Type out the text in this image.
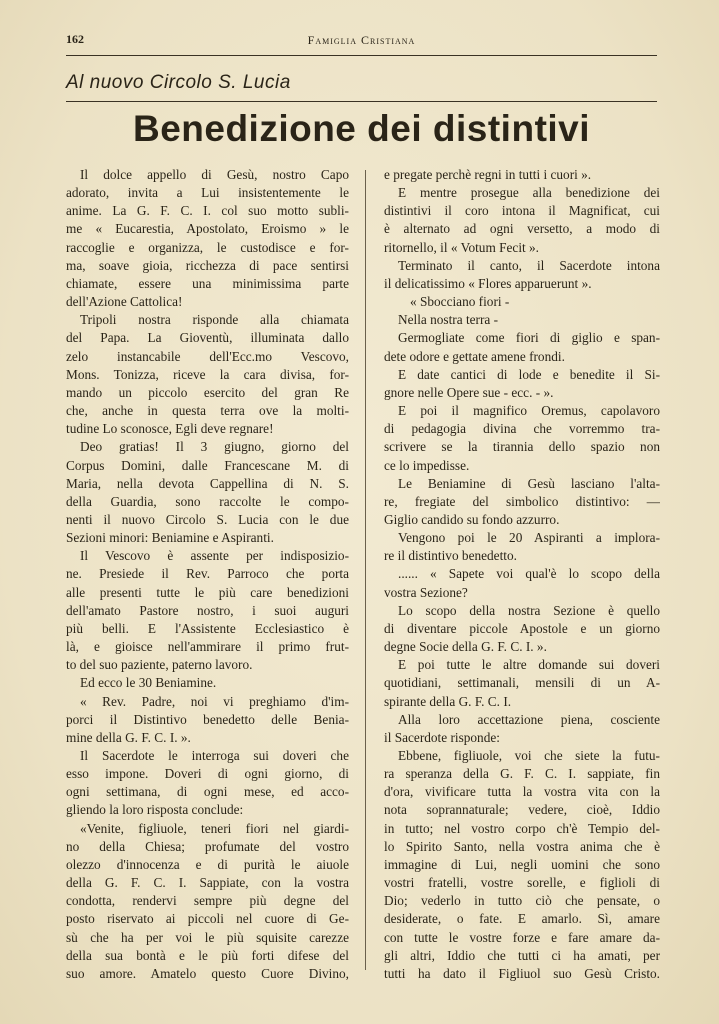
162	Famiglia Cristiana
Al nuovo Circolo S. Lucia
Benedizione dei distintivi
Il dolce appello di Gesù, nostro Capo
adorato, invita a Lui insistentemente le
anime. La G. F. C. I. col suo motto subli-
me « Eucarestia, Apostolato, Eroismo » le
raccoglie e organizza, le custodisce e for-
ma, soave gioia, ricchezza di pace sentirsi
chiamate, essere una minimissima parte
dell'Azione Cattolica!
Tripoli nostra risponde alla chiamata
del Papa. La Gioventù, illuminata dallo
zelo instancabile dell'Ecc.mo Vescovo,
Mons. Tonizza, riceve la cara divisa, for-
mando un piccolo esercito del gran Re
che, anche in questa terra ove la molti-
tudine Lo sconosce, Egli deve regnare!
Deo gratias! Il 3 giugno, giorno del
Corpus Domini, dalle Francescane M. di
Maria, nella devota Cappellina di N. S.
della Guardia, sono raccolte le compo-
nenti il nuovo Circolo S. Lucia con le due
Sezioni minori: Beniamine e Aspiranti.
Il Vescovo è assente per indisposizio-
ne. Presiede il Rev. Parroco che porta
alle presenti tutte le più care benedizioni
dell'amato Pastore nostro, i suoi auguri
più belli. E l'Assistente Ecclesiastico è
là, e gioisce nell'ammirare il primo frut-
to del suo paziente, paterno lavoro.
Ed ecco le 30 Beniamine.
« Rev. Padre, noi vi preghiamo d'im-
porci il Distintivo benedetto delle Benia-
mine della G. F. C. I. ».
Il Sacerdote le interroga sui doveri che
esso impone. Doveri di ogni giorno, di
ogni settimana, di ogni mese, ed acco-
gliendo la loro risposta conclude:
«Venite, figliuole, teneri fiori nel giardi-
no della Chiesa; profumate del vostro
olezzo d'innocenza e di purità le aiuole
della G. F. C. I. Sappiate, con la vostra
condotta, rendervi sempre più degne del
posto riservato ai piccoli nel cuore di Ge-
sù che ha per voi le più squisite carezze
della sua bontà e le più forti difese del
suo amore. Amatelo questo Cuore Divino,
e pregate perchè regni in tutti i cuori ».
E mentre prosegue alla benedizione dei
distintivi il coro intona il Magnificat, cui
è alternato ad ogni versetto, a modo di
ritornello, il « Votum Fecit ».
Terminato il canto, il Sacerdote intona
il delicatissimo « Flores apparuerunt ».
« Sbocciano fiori -
Nella nostra terra -
Germogliate come fiori di giglio e span-
dete odore e gettate amene frondi.
E date cantici di lode e benedite il Si-
gnore nelle Opere sue - ecc. - ».
E poi il magnifico Oremus, capolavoro
di pedagogia divina che vorremmo tra-
scrivere se la tirannia dello spazio non
ce lo impedisse.
Le Beniamine di Gesù lasciano l'alta-
re, fregiate del simbolico distintivo: —
Giglio candido su fondo azzurro.
Vengono poi le 20 Aspiranti a implora-
re il distintivo benedetto.
...... « Sapete voi qual'è lo scopo della
vostra Sezione?
Lo scopo della nostra Sezione è quello
di diventare piccole Apostole e un giorno
degne Socie della G. F. C. I. ».
E poi tutte le altre domande sui doveri
quotidiani, settimanali, mensili di un A-
spirante della G. F. C. I.
Alla loro accettazione piena, cosciente
il Sacerdote risponde:
Ebbene, figliuole, voi che siete la futu-
ra speranza della G. F. C. I. sappiate, fin
d'ora, vivificare tutta la vostra vita con la
nota soprannaturale; vedere, cioè, Iddio
in tutto; nel vostro corpo ch'è Tempio del-
lo Spirito Santo, nella vostra anima che è
immagine di Lui, negli uomini che sono
vostri fratelli, vostre sorelle, e figlioli di
Dio; vederlo in tutto ciò che pensate, o
desiderate, o fate. E amarlo. Sì, amare
con tutte le vostre forze e fare amare da-
gli altri, Iddio che tutti ci ha amati, per
tutti ha dato il Figliuol suo Gesù Cristo.
